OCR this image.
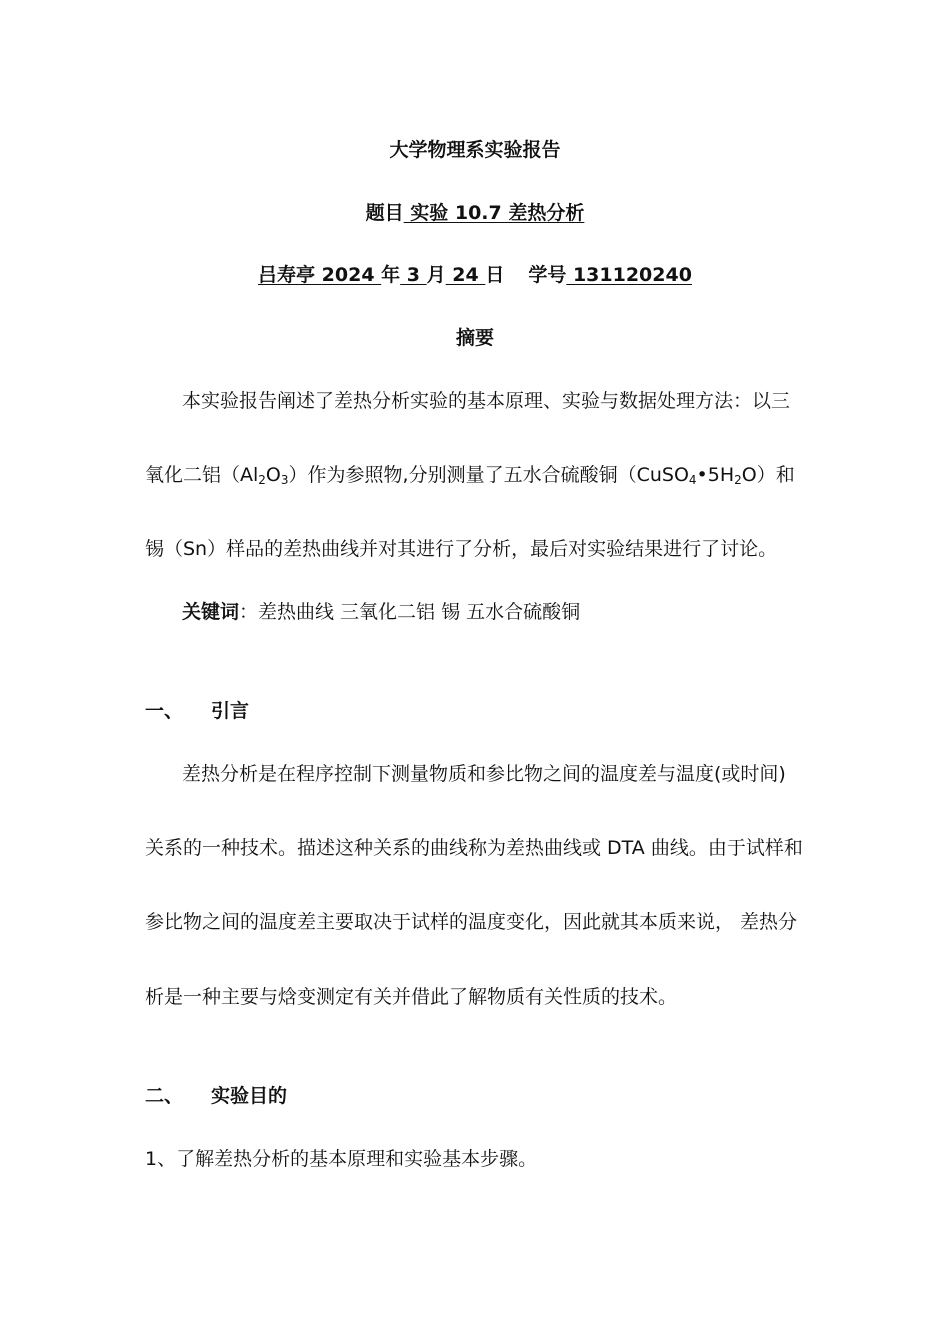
大学物理系实验报告
题目 实验 10.7 差热分析
吕寿亭 2024 年 3 月 24 日 学号 131120240
摘要
本实验报告阐述了差热分析实验的基本原理、实验与数据处理方法：以三
氧化二铝$(Al_2O_3)$作为参照物,分别测量了五水合硫酸铜$(CuSO_4•5H_2O)$和
锡（Sn）样品的差热曲线并对其进行了分析，最后对实验结果进行了讨论。
关键词：差热曲线 三氧化二铝 锡 五水合硫酸铜
一、 引言
差热分析是在程序控制下测量物质和参比物之间的温度差与温度(或时间)
关系的一种技术。描述这种关系的曲线称为差热曲线或 DTA 曲线。由于试样和
参比物之间的温度差主要取决于试样的温度变化，因此就其本质来说， 差热分
析是一种主要与焓变测定有关并借此了解物质有关性质的技术。
二、 实验目的
1、了解差热分析的基本原理和实验基本步骤。
